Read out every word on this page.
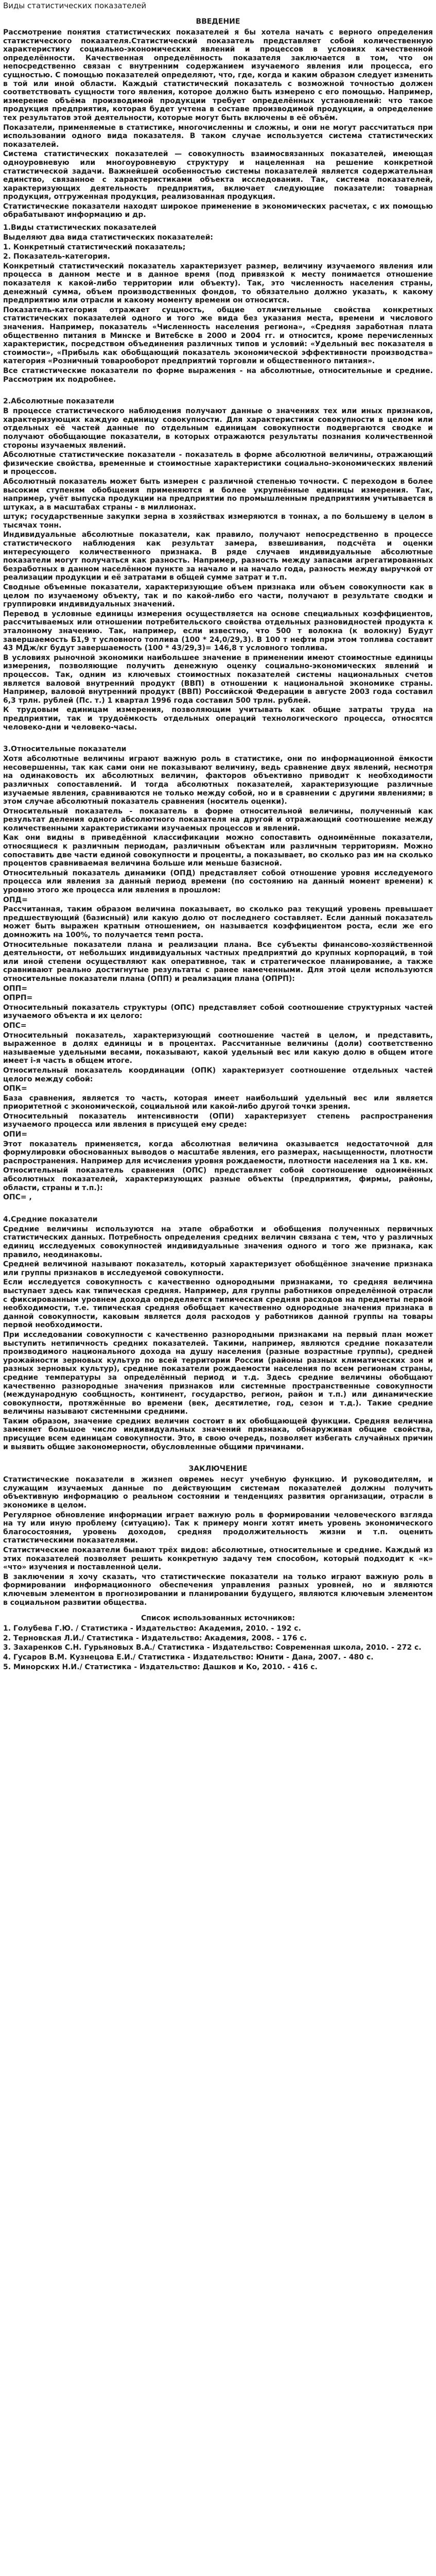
Виды статистических показателей
ВВЕДЕНИЕ

Рассмотрение понятия статистических показателей я бы хотела начать с верного определения статистического показателя.Статистический показатель представляет собой количественную характеристику социально-экономических явлений и процессов в условиях качественной определённости. Качественная определённость показателя заключается в том, что он непосредственно связан с внутренним содержанием изучаемого явления или процесса, его сущностью. С помощью показателей определяют, что, где, когда и каким образом следует изменить в той или иной области. Каждый статистический показатель с возможной точностью должен соответствовать сущности того явления, которое должно быть измерено с его помощью. Например, измерение объёма производимой продукции требует определённых установлений: что такое продукция предприятия, которая будет учтена в составе производимой продукции, а определение тех результатов этой деятельности, которые могут быть включены в её объём.

Показатели, применяемые в статистике, многочисленны и сложны, и они не могут рассчитаться при использовании одного вида показателя. В таком случае используется система статистических показателей.

Система статистических показателей — совокупность взаимосвязанных показателей, имеющая одноуровневую или многоуровневую структуру и нацеленная на решение конкретной статистической задачи. Важнейшей особенностью системы показателей является содержательная единство, связанное с характеристиками объекта исследования. Так, система показателей, характеризующих деятельность предприятия, включает следующие показатели: товарная продукция, отгруженная продукция, реализованная продукция.

Статистические показатели находят широкое применение в экономических расчетах, с их помощью обрабатывают информацию и др.

1.Виды статистических показателей

Выделяют два вида статистических показателей:

1. Конкретный статистический показатель;

2. Показатель-категория.

Конкретный статистический показатель характеризует размер, величину изучаемого явления или процесса в данном месте и в данное время (под привязкой к месту понимается отношение показателя к какой-либо территории или объекту). Так, это численность населения страны, денежный сумма, объем производственных фондов, то обязательно должно указать, к какому предприятию или отрасли и какому моменту времени он относится.

Показатель-категория отражает сущность, общие отличительные свойства конкретных статистических показателей одного и того же вида без указания места, времени и числового значения. Например, показатель «Численность населения региона», «Средняя заработная плата общественно питания в Минске и Витебске в 2000 и 2004 гг. и относится, кроме перечисленных характеристик, посредством объединения различных типов и условий: «Удельный вес показателя в стоимости», «Прибыль как обобщающий показатель экономической эффективности производства» категория «Розничный товарооборот предприятий торговли и общественного питания».

Все статистические показатели по форме выражения - на абсолютные, относительные и средние. Рассмотрим их подробнее.

2.Абсолютные показатели

В процессе статистического наблюдения получают данные о значениях тех или иных признаков, характеризующих каждую единицу совокупности. Для характеристики совокупности в целом или отдельных её частей данные по отдельным единицам совокупности подвергаются сводке и получают обобщающие показатели, в которых отражаются результаты познания количественной стороны изучаемых явлений.

Абсолютные статистические показатели - показатель в форме абсолютной величины, отражающий физические свойства, временные и стоимостные характеристики социально-экономических явлений и процессов.

Абсолютный показатель может быть измерен с различной степенью точности. С переходом в более высоким ступеням обобщения применяются и более укрупнённые единицы измерения. Так, например, учёт выпуска продукции на предприятии по промышленным предприятиям учитывается в штуках, а в масштабах страны - в миллионах.

штук; государственные закупки зерна в хозяйствах измеряются в тоннах, а по большему в целом в тысячах тонн.

Индивидуальные абсолютные показатели, как правило, получают непосредственно в процессе статистического наблюдения как результат замера, взвешивания, подсчёта и оценки интересующего количественного признака. В ряде случаев индивидуальные абсолютные показатели могут получаться как разность. Например, разность между запасами агрегатированных безработных в данном населённом пункте за начало и на начало года, разность между выручкой от реализации продукции и её затратами в общей сумме затрат и т.п.

Сводные объемные показатели, характеризующие объем признака или объем совокупности как в целом по изучаемому объекту, так и по какой-либо его части, получают в результате сводки и группировки индивидуальных значений.

Перевод в условные единицы измерения осуществляется на основе специальных коэффициентов, рассчитываемых или отношении потребительского свойства отдельных разновидностей продукта к эталонному значению. Так, например, если известно, что 500 т волокна (к волокну) Будут завершаемость Б1,9 т условного топлива (100 * 24,0/29,3). В 100 т нефти при этом топлива составит 43 МДж/кг будут завершаемость (100 * 43/29,3)= 146,8 т условного топлива.

В условиях рыночной экономики наибольшее значение в применении имеют стоимостные единицы измерения, позволяющие получить денежную оценку социально-экономических явлений и процессов. Так, одним из ключевых стоимостных показателей системы национальных счетов является валовой внутренний продукт (ВВП) в отношении к национальной экономике страны. Например, валовой внутренний продукт (ВВП) Российской Федерации в августе 2003 года составил 6,3 трлн. рублей (Пс. т.) 1 квартал 1996 года составил 500 трлн. рублей.

К трудовым единицам измерения, позволяющим учитывать как общие затраты труда на предприятии, так и трудоёмкость отдельных операций технологического процесса, относятся человеко-дни и человеко-часы.

3.Относительные показатели

Хотя абсолютные величины играют важную роль в статистике, они по информационной ёмкости несовершенны, так как сами они не показывают величину, ведь сравнение двух явлений, несмотря на одинаковость их абсолютных величин, факторов объективно приводит к необходимости различных сопоставлений. И тогда абсолютных показателей, характеризующие различные изучаемые явления, сравниваются не только между собой, но и в сравнении с другими явлениями; в этом случае абсолютный показатель сравнения (носитель оценки).

Относительный показатель - показатель в форме относительной величины, полученный как результат деления одного абсолютного показателя на другой и отражающий соотношение между количественными характеристиками изучаемых процессов и явлений.

Как они видны в приведённой классификации можно сопоставить одноимённые показатели, относящиеся к различным периодам, различным объектам или различным территориям. Можно сопоставить две части единой совокупности и проценты, а показывает, во сколько раз им на сколько процентов сравниваемая величина больше или меньше базисной.

Относительный показатель динамики (ОПД) представляет собой отношение уровня исследуемого процесса или явления за данный период времени (по состоянию на данный момент времени) к уровню этого же процесса или явления в прошлом:

ОПД=

Рассчитанная, таким образом величина показывает, во сколько раз текущий уровень превышает предшествующий (базисный) или какую долю от последнего составляет. Если данный показатель может быть выражен кратным отношением, он называется коэффициентом роста, если же его домножить на 100%, то получается темп роста.

Относительные показатели плана и реализации плана. Все субъекты финансово-хозяйственной деятельности, от небольших индивидуальных частных предприятий до крупных корпораций, в той или иной степени осуществляют как оперативное, так и стратегическое планирование, а также сравнивают реально достигнутые результаты с ранее намеченными. Для этой цели используются относительные показатели плана (ОПП) и реализации плана (ОПРП):

ОПП=

ОПРП=

Относительный показатель структуры (ОПС) представляет собой соотношение структурных частей изучаемого объекта и их целого:

ОПС=

Относительный показатель, характеризующий соотношение частей в целом, и представить, выраженное в долях единицы и в процентах. Рассчитанные величины (доли) соответственно называемые удельными весами, показывают, какой удельный вес или какую долю в общем итоге имеет i-я часть в общем итоге.

Относительный показатель координации (ОПК) характеризует соотношение отдельных частей целого между собой:

ОПК=

База сравнения, является то часть, которая имеет наибольший удельный вес или является приоритетной с экономической, социальной или какой-либо другой точки зрения.

Относительный показатель интенсивности (ОПИ) характеризует степень распространения изучаемого процесса или явления в присущей ему среде:

ОПИ=

Этот показатель применяется, когда абсолютная величина оказывается недостаточной для формулировки обоснованных выводов о масштабе явления, его размерах, насыщенности, плотности распространения. Например для исчисления уровня рождаемости, плотности населения на 1 кв. км.

Относительный показатель сравнения (ОПС) представляет собой соотношение одноимённых абсолютных показателей, характеризующих разные объекты (предприятия, фирмы, районы, области, страны и т.п.):

ОПС= ,

4.Средние показатели

Средние величины используются на этапе обработки и обобщения полученных первичных статистических данных. Потребность определения средних величин связана с тем, что у различных единиц исследуемых совокупностей индивидуальные значения одного и того же признака, как правило, неодинаковы.

Средней величиной называют показатель, который характеризует обобщённое значение признака или группы признаков в исследуемой совокупности.

Если исследуется совокупность с качественно однородными признаками, то средняя величина выступает здесь как типическая средняя. Например, для группы работников определённой отрасли с фиксированным уровнем дохода определяется типическая средняя расходов на предметы первой необходимости, т.е. типическая средняя обобщает качественно однородные значения признака в данной совокупности, каковым является доля расходов у работников данной группы на товары первой необходимости.

При исследовании совокупности с качественно разнородными признаками на первый план может выступить нетипичность средних показателей. Такими, например, являются средние показатели производимого национального дохода на душу населения (разные возрастные группы), средней урожайности зерновых культур по всей территории России (районы разных климатических зон и разных зерновых культур), средние показатели рождаемости населения по всем регионам страны, средние температуры за определённый период и т.д. Здесь средние величины обобщают качественно разнородные значения признаков или системные пространственные совокупности (международную сообщность, континент, государство, регион, район и т.п.) или динамические совокупности, протяжённые во времени (век, десятилетие, год, сезон и т.д.). Такие средние величины называют системными средними.

Таким образом, значение средних величин состоит в их обобщающей функции. Средняя величина заменяет большое число индивидуальных значений признака, обнаруживая общие свойства, присущие всем единицам совокупности. Это, в свою очередь, позволяет избегать случайных причин и выявить общие закономерности, обусловленные общими причинами.

ЗАКЛЮЧЕНИЕ

Статистические показатели в жизнеп овремеь несут учебную функцию. И руководителям, и служащим изучаемых данные по действующим системам показателей должны получить объективную информацию о реальном состоянии и тенденциях развития организации, отрасли в экономике в целом.

Регулярное обновление информации играет важную роль в формировании человеческого взгляда на ту или иную проблему (ситуацию). Так к примеру монги хотят иметь уровень экономического благосостояния, уровень доходов, средняя продолжительность жизни и т.п. оценить статистическими показателями.

Статистические показатели бывают трёх видов: абсолютные, относительные и средние. Каждый из этих показателей позволяет решить конкретную задачу тем способом, который подходит к «к» «что» изучения и поставленной цели.

В заключении я хочу сказать, что статистические показатели на только играют важную роль в формировании информационного обеспечения управления разных уровней, но и являются ключевым элементом в прогнозировании и планировании будущего, являются ключевым элементом в социальном развитии общества.

Список использованных источников:

1. Голубева Г.Ю. / Статистика - Издательство: Академия, 2010. - 192 с.

2. Терновская Л.И./ Статистика - Издательство: Академия, 2008. - 176 с.

3. Захаренков С.Н. Гурьяновых В.А./ Статистика - Издательство: Современная школа, 2010. - 272 с.

4. Гусаров В.М. Кузнецова Е.И./ Статистика - Издательство: Юнити - Дана, 2007. - 480 с.

5. Минорских Н.И./ Статистика - Издательство: Дашков и Ко, 2010. - 416 с.
